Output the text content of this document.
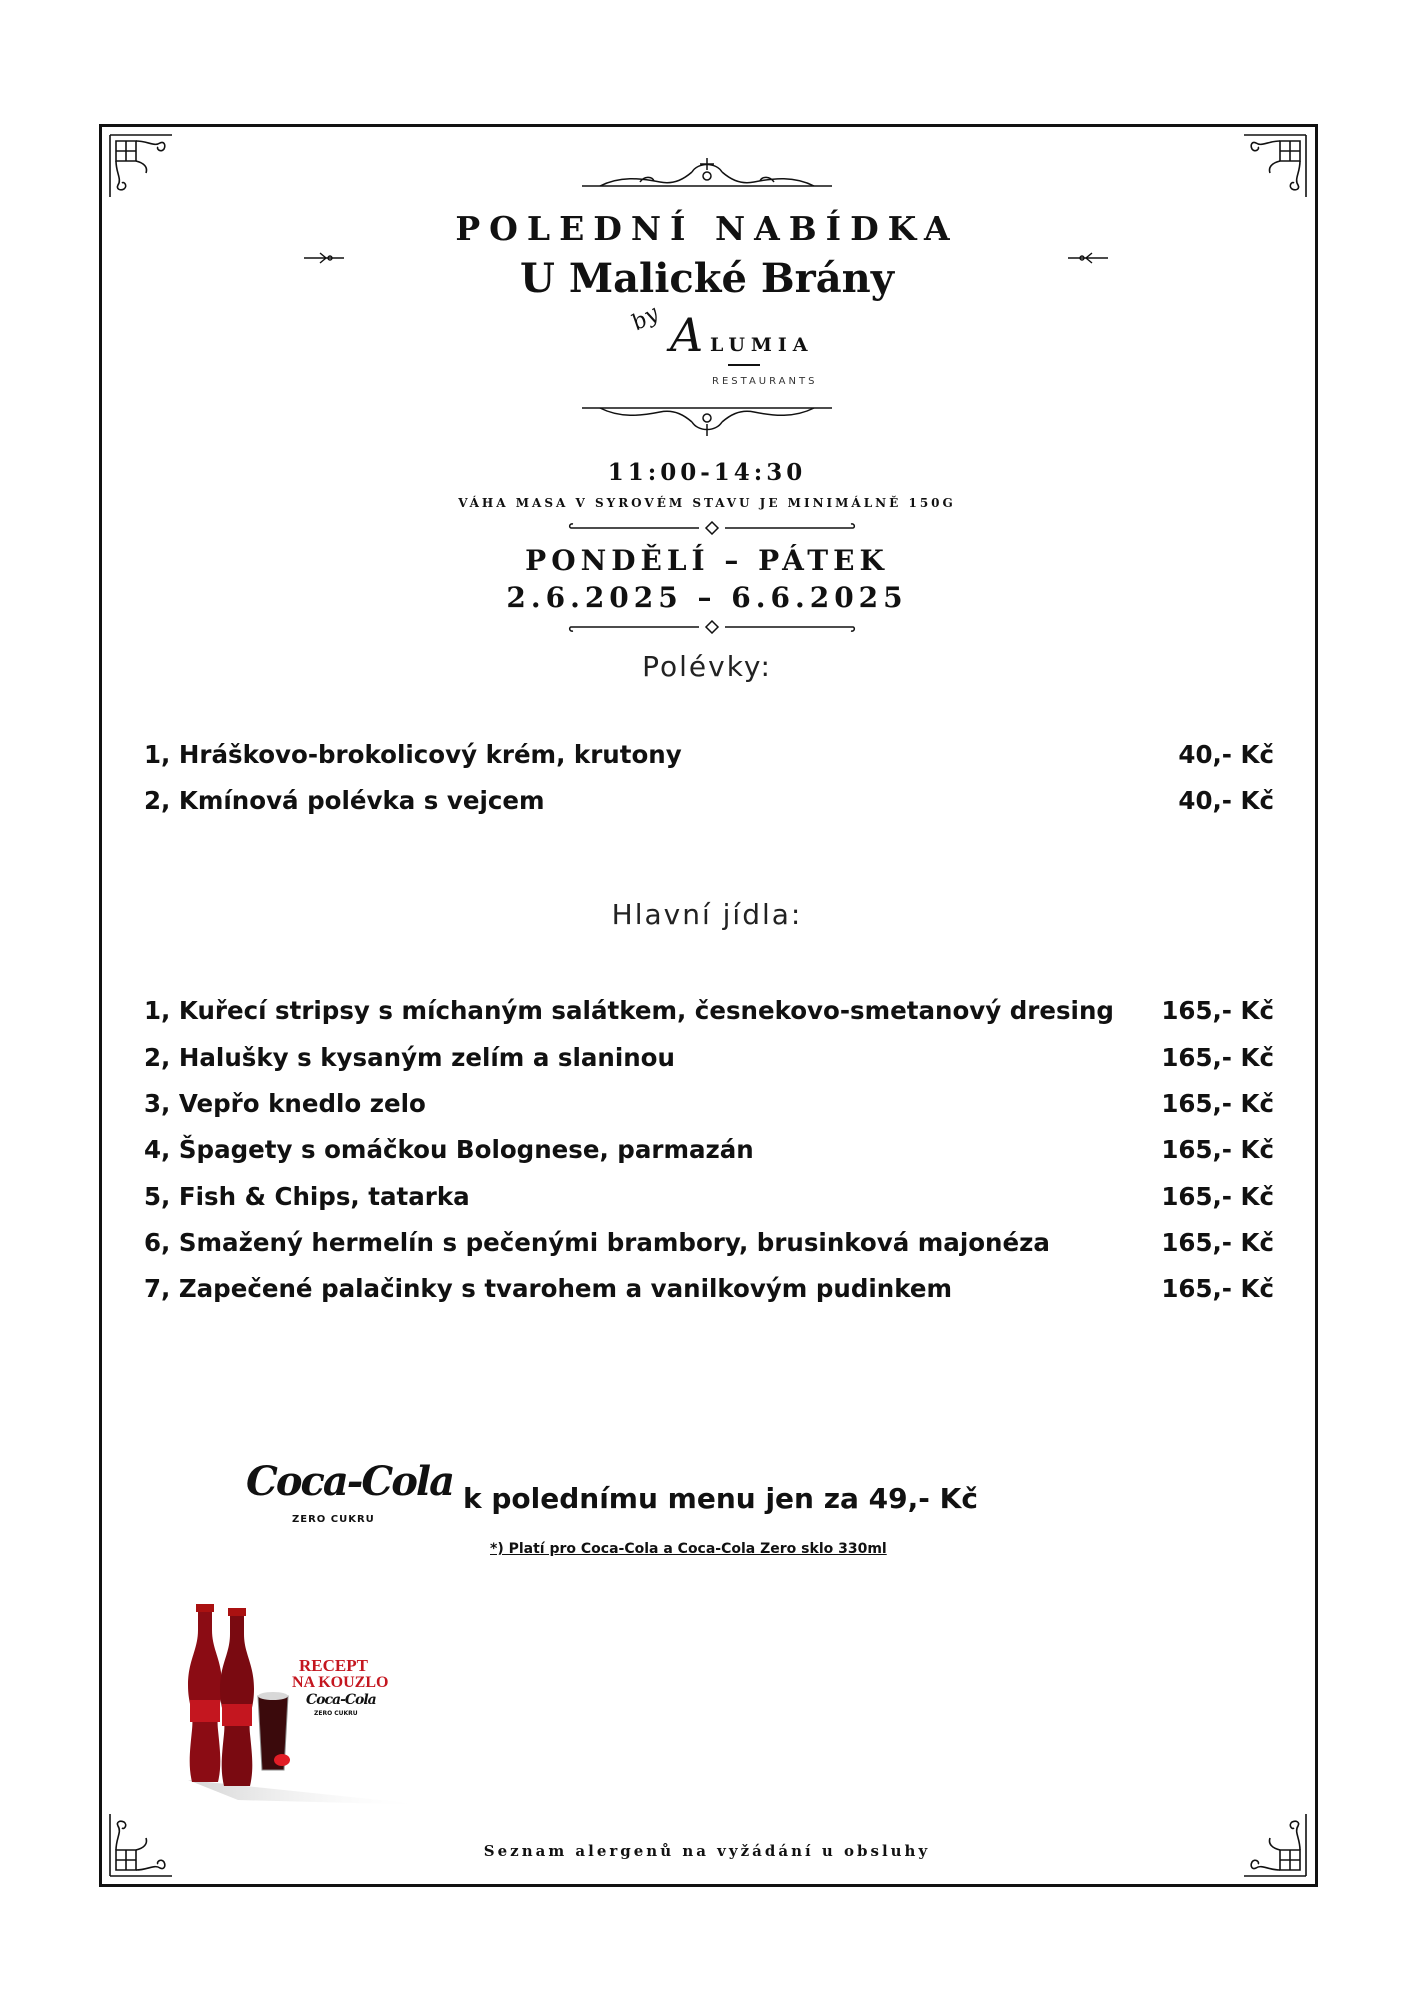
POLEDNÍ NABÍDKA
U Malické Brány
by A LUMIA
RESTAURANTS
11:00-14:30
VÁHA MASA V SYROVÉM STAVU JE MINIMÁLNĚ 150G
PONDĚLÍ – PÁTEK
2.6.2025 – 6.6.2025
Polévky:
1, Hráškovo-brokolicový krém, krutony	40,- Kč
2, Kmínová polévka s vejcem	40,- Kč
Hlavní jídla:
1, Kuřecí stripsy s míchaným salátkem, česnekovo-smetanový dresing 165,- Kč
2, Halušky s kysaným zelím a slaninou	165,- Kč
3, Vepřo knedlo zelo	165,- Kč
4, Špagety s omáčkou Bolognese, parmazán	165,- Kč
5, Fish & Chips, tatarka	165,- Kč
6, Smažený hermelín s pečenými brambory, brusinková majonéza	165,- Kč
7, Zapečené palačinky s tvarohem a vanilkovým pudinkem	165,- Kč
Coca-Cola
ZERO CUKRU
k polednímu menu jen za 49,- Kč
*) Platí pro Coca-Cola a Coca-Cola Zero sklo 330ml
RECEPT
NA KOUZLO
Coca-Cola
ZERO CUKRU
Seznam alergenů na vyžádání u obsluhy
